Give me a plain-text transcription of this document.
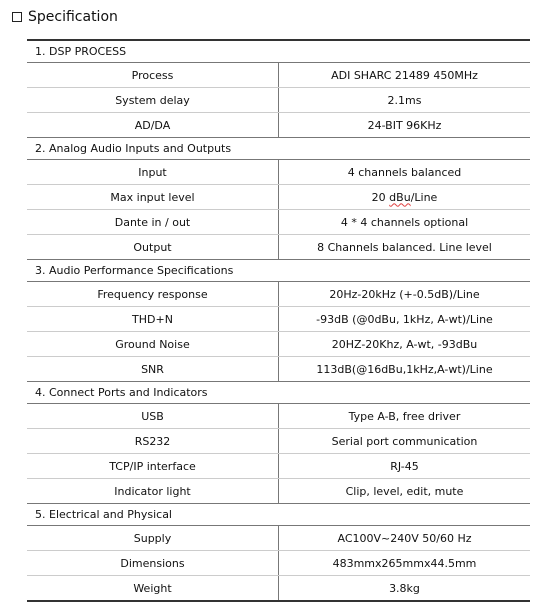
Specification
1. DSP PROCESS	
Process	ADI SHARC 21489 450MHz
System delay	2.1ms
AD/DA	24-BIT 96KHz
2. Analog Audio Inputs and Outputs	
Input	4 channels balanced
Max input level	20 dBu/Line
Dante in / out	4 * 4 channels optional
Output	8 Channels balanced. Line level
3. Audio Performance Specifications	
Frequency response	20Hz-20kHz (+-0.5dB)/Line
THD+N	-93dB (@0dBu, 1kHz, A-wt)/Line
Ground Noise	20HZ-20Khz, A-wt, -93dBu
SNR	113dB(@16dBu,1kHz,A-wt)/Line
4. Connect Ports and Indicators	
USB	Type A-B, free driver
RS232	Serial port communication
TCP/IP interface	RJ-45
Indicator light	Clip, level, edit, mute
5. Electrical and Physical	
Supply	AC100V~240V 50/60 Hz
Dimensions	483mmx265mmx44.5mm
Weight	3.8kg
